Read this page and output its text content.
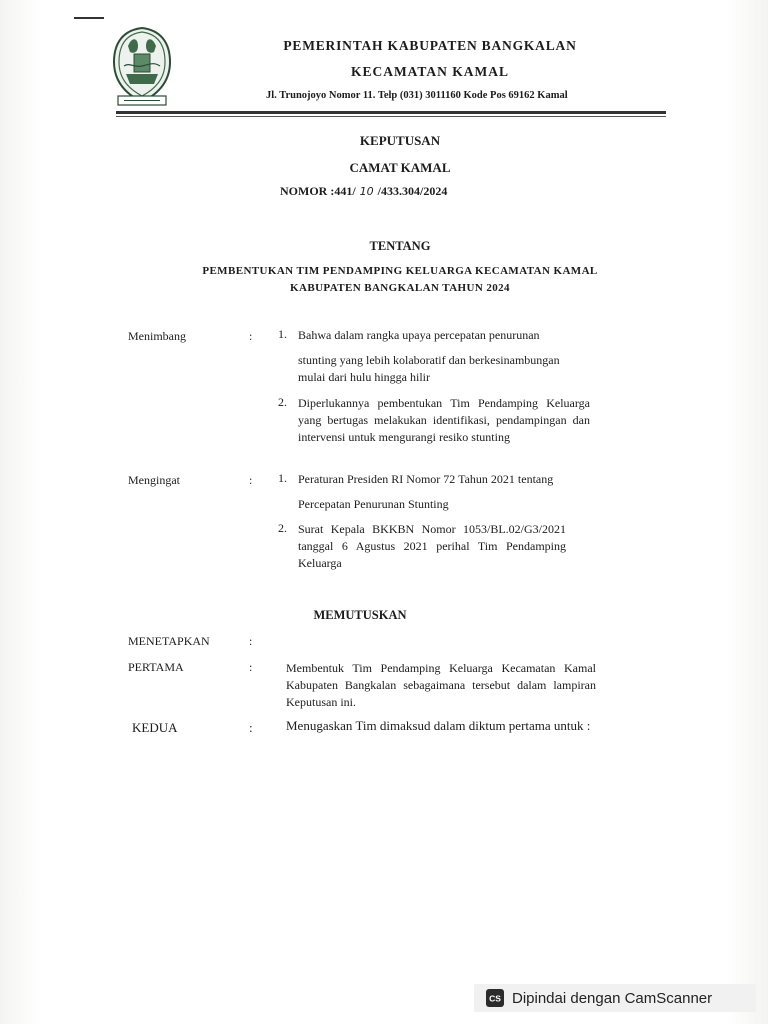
PEMERINTAH KABUPATEN BANGKALAN
KECAMATAN KAMAL
Jl. Trunojoyo Nomor 11. Telp (031) 3011160 Kode Pos 69162 Kamal
KEPUTUSAN
CAMAT KAMAL
NOMOR :441/ 10 /433.304/2024
TENTANG
PEMBENTUKAN TIM PENDAMPING KELUARGA KECAMATAN KAMAL
KABUPATEN BANGKALAN TAHUN 2024
Menimbang	: 1. Bahwa dalam rangka upaya percepatan penurunan
stunting yang lebih kolaboratif dan berkesinambungan
mulai dari hulu hingga hilir
2. Diperlukannya pembentukan Tim Pendamping Keluarga yang bertugas melakukan identifikasi, pendampingan dan intervensi untuk mengurangi resiko stunting
Mengingat	: 1. Peraturan Presiden RI Nomor 72 Tahun 2021 tentang
Percepatan Penurunan Stunting
2. Surat Kepala BKKBN Nomor 1053/BL.02/G3/2021 tanggal 6 Agustus 2021 perihal Tim Pendamping Keluarga
MEMUTUSKAN
MENETAPKAN	:
PERTAMA	:	Membentuk Tim Pendamping Keluarga Kecamatan Kamal Kabupaten Bangkalan sebagaimana tersebut dalam lampiran Keputusan ini.
KEDUA	:	Menugaskan Tim dimaksud dalam diktum pertama untuk :
CS Dipindai dengan CamScanner
